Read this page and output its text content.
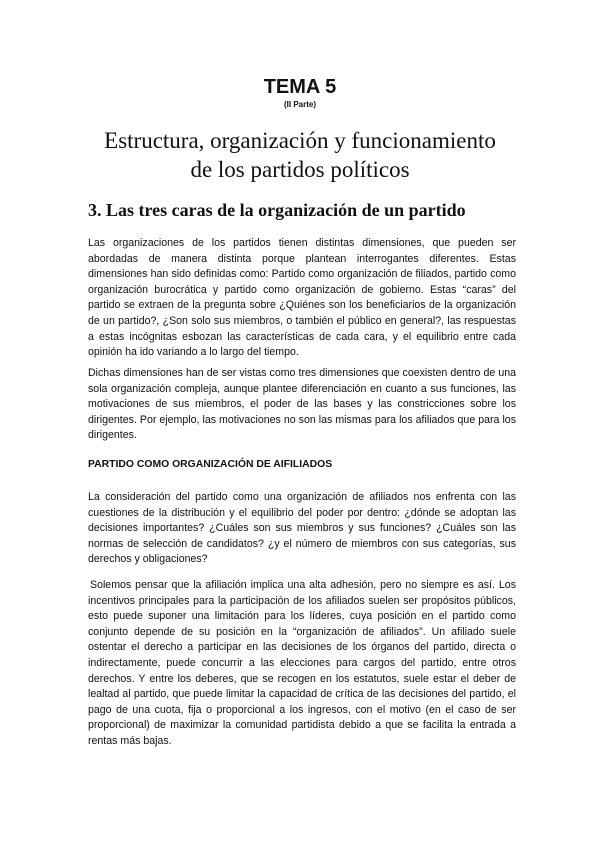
TEMA 5
(II Parte)
Estructura, organización y funcionamiento
de los partidos políticos
3. Las tres caras de la organización de un partido

Las organizaciones de los partidos tienen distintas dimensiones, que pueden ser abordadas de manera distinta porque plantean interrogantes diferentes. Estas dimensiones han sido definidas como: Partido como organización de filiados, partido como organización burocrática y partido como organización de gobierno. Estas “caras” del partido se extraen de la pregunta sobre ¿Quiénes son los beneficiarios de la organización de un partido?, ¿Son solo sus miembros, o también el público en general?, las respuestas a estas incógnitas esbozan las características de cada cara, y el equilibrio entre cada opinión ha ido variando a lo largo del tiempo.

Dichas dimensiones han de ser vistas como tres dimensiones que coexisten dentro de una sola organización compleja, aunque plantee diferenciación en cuanto a sus funciones, las motivaciones de sus miembros, el poder de las bases y las constricciones sobre los dirigentes. Por ejemplo, las motivaciones no son las mismas para los afiliados que para los dirigentes.

PARTIDO COMO ORGANIZACIÓN DE AIFILIADOS

La consideración del partido como una organización de afiliados nos enfrenta con las cuestiones de la distribución y el equilibrio del poder por dentro: ¿dónde se adoptan las decisiones importantes? ¿Cuáles son sus miembros y sus funciones? ¿Cuáles son las normas de selección de candidatos? ¿y el número de miembros con sus categorías, sus derechos y obligaciones?

Solemos pensar que la afiliación implica una alta adhesión, pero no siempre es así. Los incentivos principales para la participación de los afiliados suelen ser propósitos públicos, esto puede suponer una limitación para los líderes, cuya posición en el partido como conjunto depende de su posición en la “organización de afiliados”. Un afiliado suele ostentar el derecho a participar en las decisiones de los órganos del partido, directa o indirectamente, puede concurrir a las elecciones para cargos del partido, entre otros derechos. Y entre los deberes, que se recogen en los estatutos, suele estar el deber de lealtad al partido, que puede limitar la capacidad de crítica de las decisiones del partido, el pago de una cuota, fija o proporcional a los ingresos, con el motivo (en el caso de ser proporcional) de maximizar la comunidad partidista debido a que se facilita la entrada a rentas más bajas.
